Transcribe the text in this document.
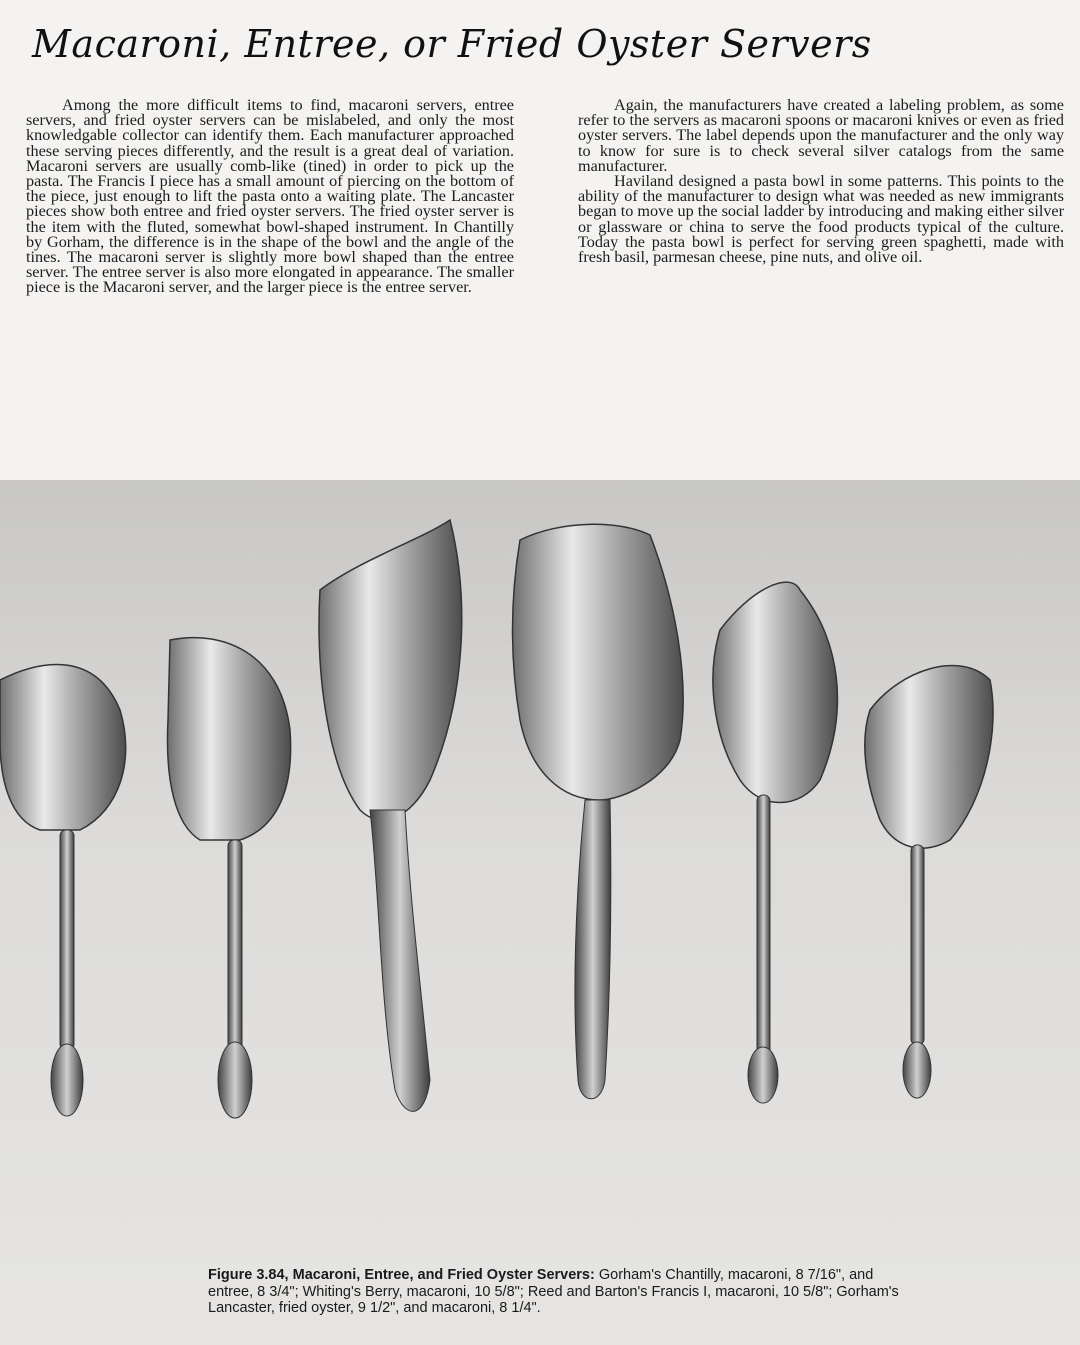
Macaroni, Entree, or Fried Oyster Servers

Among the more difficult items to find, macaroni servers, entree servers, and fried oyster servers can be mislabeled, and only the most knowledgable collector can identify them. Each manufacturer approached these serving pieces differently, and the result is a great deal of variation. Macaroni servers are usually comb-like (tined) in order to pick up the pasta. The Francis I piece has a small amount of piercing on the bottom of the piece, just enough to lift the pasta onto a waiting plate. The Lancaster pieces show both entree and fried oyster servers. The fried oyster server is the item with the fluted, somewhat bowl-shaped instrument. In Chantilly by Gorham, the difference is in the shape of the bowl and the angle of the tines. The macaroni server is slightly more bowl shaped than the entree server. The entree server is also more elongated in appearance. The smaller piece is the Macaroni server, and the larger piece is the entree server.

Again, the manufacturers have created a labeling problem, as some refer to the servers as macaroni spoons or macaroni knives or even as fried oyster servers. The label depends upon the manufacturer and the only way to know for sure is to check several silver catalogs from the same manufacturer.

Haviland designed a pasta bowl in some patterns. This points to the ability of the manufacturer to design what was needed as new immigrants began to move up the social ladder by introducing and making either silver or glassware or china to serve the food products typical of the culture. Today the pasta bowl is perfect for serving green spaghetti, made with fresh basil, parmesan cheese, pine nuts, and olive oil.

Figure 3.84, Macaroni, Entree, and Fried Oyster Servers: Gorham's Chantilly, macaroni, 8 7/16", and entree, 8 3/4"; Whiting's Berry, macaroni, 10 5/8"; Reed and Barton's Francis I, macaroni, 10 5/8"; Gorham's Lancaster, fried oyster, 9 1/2", and macaroni, 8 1/4".
